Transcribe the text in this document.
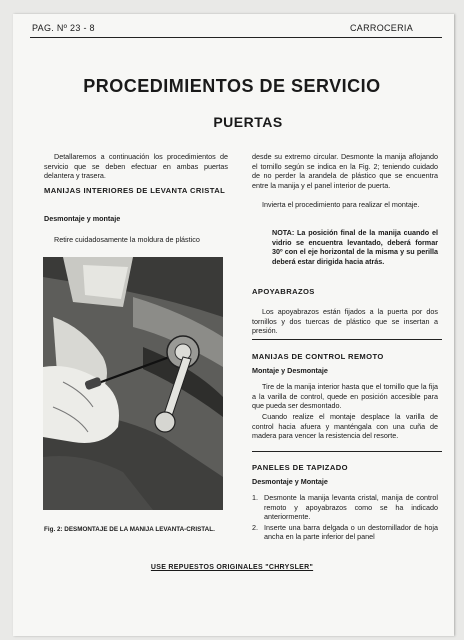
PAG. Nº 23 - 8	CARROCERIA
PROCEDIMIENTOS DE SERVICIO
PUERTAS
Detallaremos a continuación los procedimientos de servicio que se deben efectuar en ambas puertas delantera y trasera.
MANIJAS INTERIORES DE LEVANTA CRISTAL
Desmontaje y montaje
Retire cuidadosamente la moldura de plástico
Fig. 2: DESMONTAJE DE LA MANIJA LEVANTA-CRISTAL.
desde su extremo circular. Desmonte la manija aflojando el tornillo según se indica en la Fig. 2; teniendo cuidado de no perder la arandela de plástico que se encuentra entre la manija y el panel interior de puerta.
Invierta el procedimiento para realizar el montaje.
NOTA: La posición final de la manija cuando el vidrio se encuentra levantado, deberá formar 30º con el eje horizontal de la misma y su perilla deberá estar dirigida hacia atrás.
APOYABRAZOS
Los apoyabrazos están fijados a la puerta por dos tornillos y dos tuercas de plástico que se insertan a presión.
MANIJAS DE CONTROL REMOTO
Montaje y Desmontaje
Tire de la manija interior hasta que el tornillo que la fija a la varilla de control, quede en posición accesible para que pueda ser desmontado.
Cuando realize el montaje desplace la varilla de control hacia afuera y manténgala con una cuña de madera para vencer la resistencia del resorte.
PANELES DE TAPIZADO
Desmontaje y Montaje
1. Desmonte la manija levanta cristal, manija de control remoto y apoyabrazos como se ha indicado anteriormente.
2. Inserte una barra delgada o un destornillador de hoja ancha en la parte inferior del panel
USE REPUESTOS ORIGINALES "CHRYSLER"
